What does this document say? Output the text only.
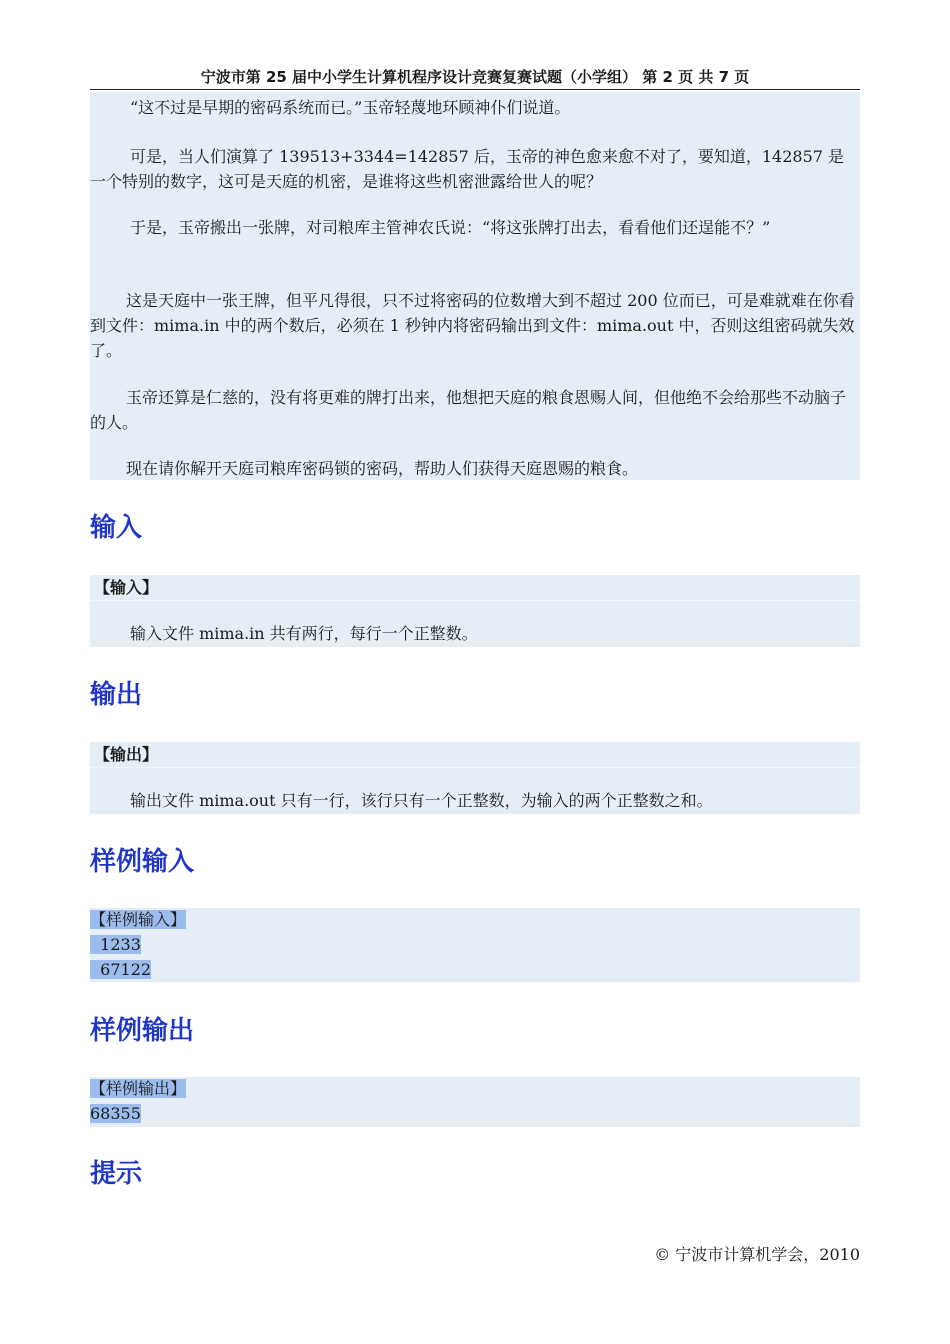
宁波市第 25 届中小学生计算机程序设计竞赛复赛试题（小学组） 第 2 页 共 7 页

“这不过是早期的密码系统而已。”玉帝轻蔑地环顾神仆们说道。

可是，当人们演算了 139513+3344=142857 后，玉帝的神色愈来愈不对了，要知道，142857 是一个特别的数字，这可是天庭的机密，是谁将这些机密泄露给世人的呢？

于是，玉帝搬出一张牌，对司粮库主管神农氏说：“将这张牌打出去，看看他们还逞能不？”

这是天庭中一张王牌，但平凡得很，只不过将密码的位数增大到不超过 200 位而已，可是难就难在你看到文件：mima.in 中的两个数后，必须在 1 秒钟内将密码输出到文件：mima.out 中，否则这组密码就失效了。

玉帝还算是仁慈的，没有将更难的牌打出来，他想把天庭的粮食恩赐人间，但他绝不会给那些不动脑子的人。

现在请你解开天庭司粮库密码锁的密码，帮助人们获得天庭恩赐的粮食。

输入
【输入】
输入文件 mima.in 共有两行，每行一个正整数。
输出
【输出】
输出文件 mima.out 只有一行，该行只有一个正整数，为输入的两个正整数之和。
样例输入
【样例输入】
1233
67122
样例输出
【样例输出】
68355
提示
© 宁波市计算机学会，2010
